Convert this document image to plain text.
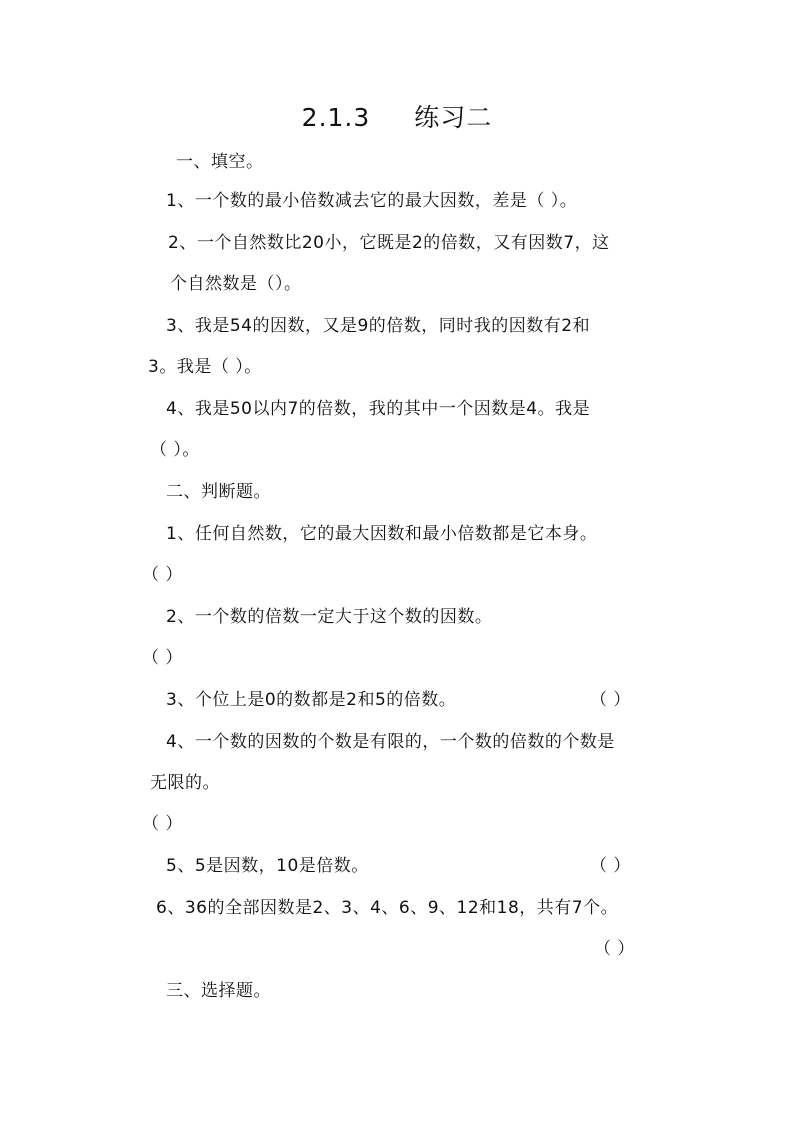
2.1.3 练习二
一、填空。
1、一个数的最小倍数减去它的最大因数，差是（ ）。
2、一个自然数比20小，它既是2的倍数，又有因数7，这
个自然数是（）。
3、我是54的因数，又是9的倍数，同时我的因数有2和
3。我是（ ）。
4、我是50以内7的倍数，我的其中一个因数是4。我是
（ ）。
二、判断题。
1、任何自然数，它的最大因数和最小倍数都是它本身。
（ ）
2、一个数的倍数一定大于这个数的因数。
（ ）
3、个位上是0的数都是2和5的倍数。	（ ）
4、一个数的因数的个数是有限的，一个数的倍数的个数是
无限的。
（ ）
5、5是因数，10是倍数。	（ ）
6、36的全部因数是2、3、4、6、9、12和18，共有7个。
（ ）
三、选择题。
